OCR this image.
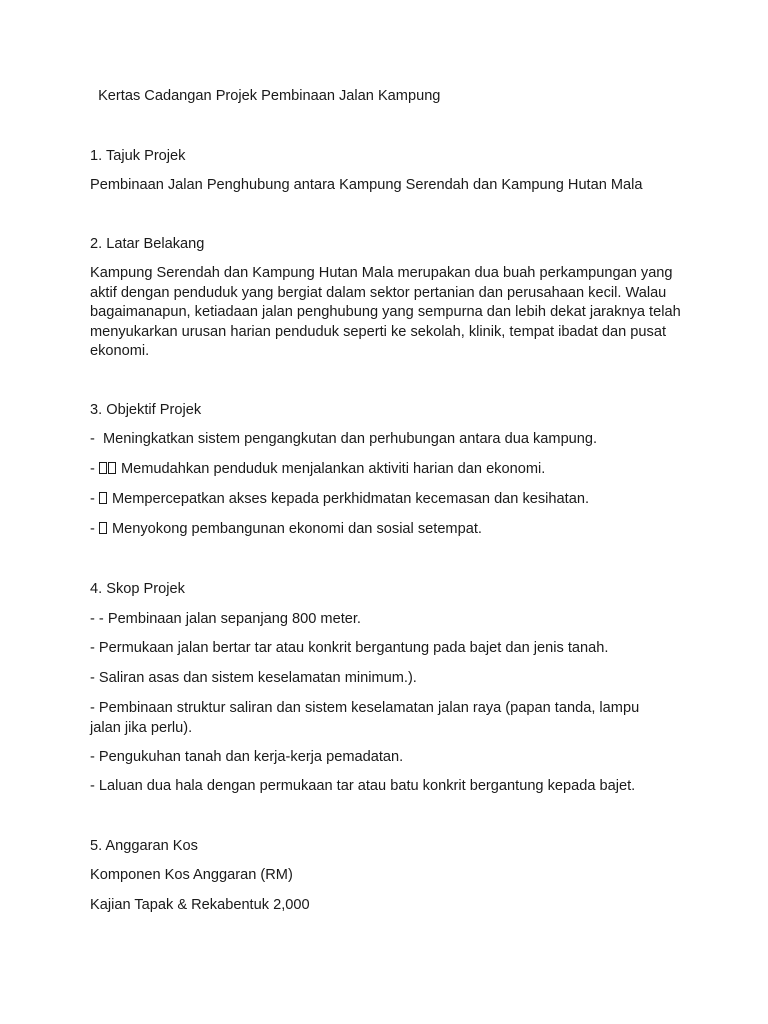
Kertas Cadangan Projek Pembinaan Jalan Kampung
1. Tajuk Projek
Pembinaan Jalan Penghubung antara Kampung Serendah dan Kampung Hutan Mala
2. Latar Belakang

Kampung Serendah dan Kampung Hutan Mala merupakan dua buah perkampungan yang aktif dengan penduduk yang bergiat dalam sektor pertanian dan perusahaan kecil. Walau bagaimanapun, ketiadaan jalan penghubung yang sempurna dan lebih dekat jaraknya telah menyukarkan urusan harian penduduk seperti ke sekolah, klinik, tempat ibadat dan pusat ekonomi.

3. Objektif Projek
-  Meningkatkan sistem pengangkutan dan perhubungan antara dua kampung.
-  Memudahkan penduduk menjalankan aktiviti harian dan ekonomi.
-  Mempercepatkan akses kepada perkhidmatan kecemasan dan kesihatan.
-  Menyokong pembangunan ekonomi dan sosial setempat.
4. Skop Projek
- - Pembinaan jalan sepanjang 800 meter.
- Permukaan jalan bertar tar atau konkrit bergantung pada bajet dan jenis tanah.
- Saliran asas dan sistem keselamatan minimum.).

- Pembinaan struktur saliran dan sistem keselamatan jalan raya (papan tanda, lampu jalan jika perlu).

- Pengukuhan tanah dan kerja-kerja pemadatan.
- Laluan dua hala dengan permukaan tar atau batu konkrit bergantung kepada bajet.
5. Anggaran Kos
Komponen Kos Anggaran (RM)
Kajian Tapak & Rekabentuk 2,000
